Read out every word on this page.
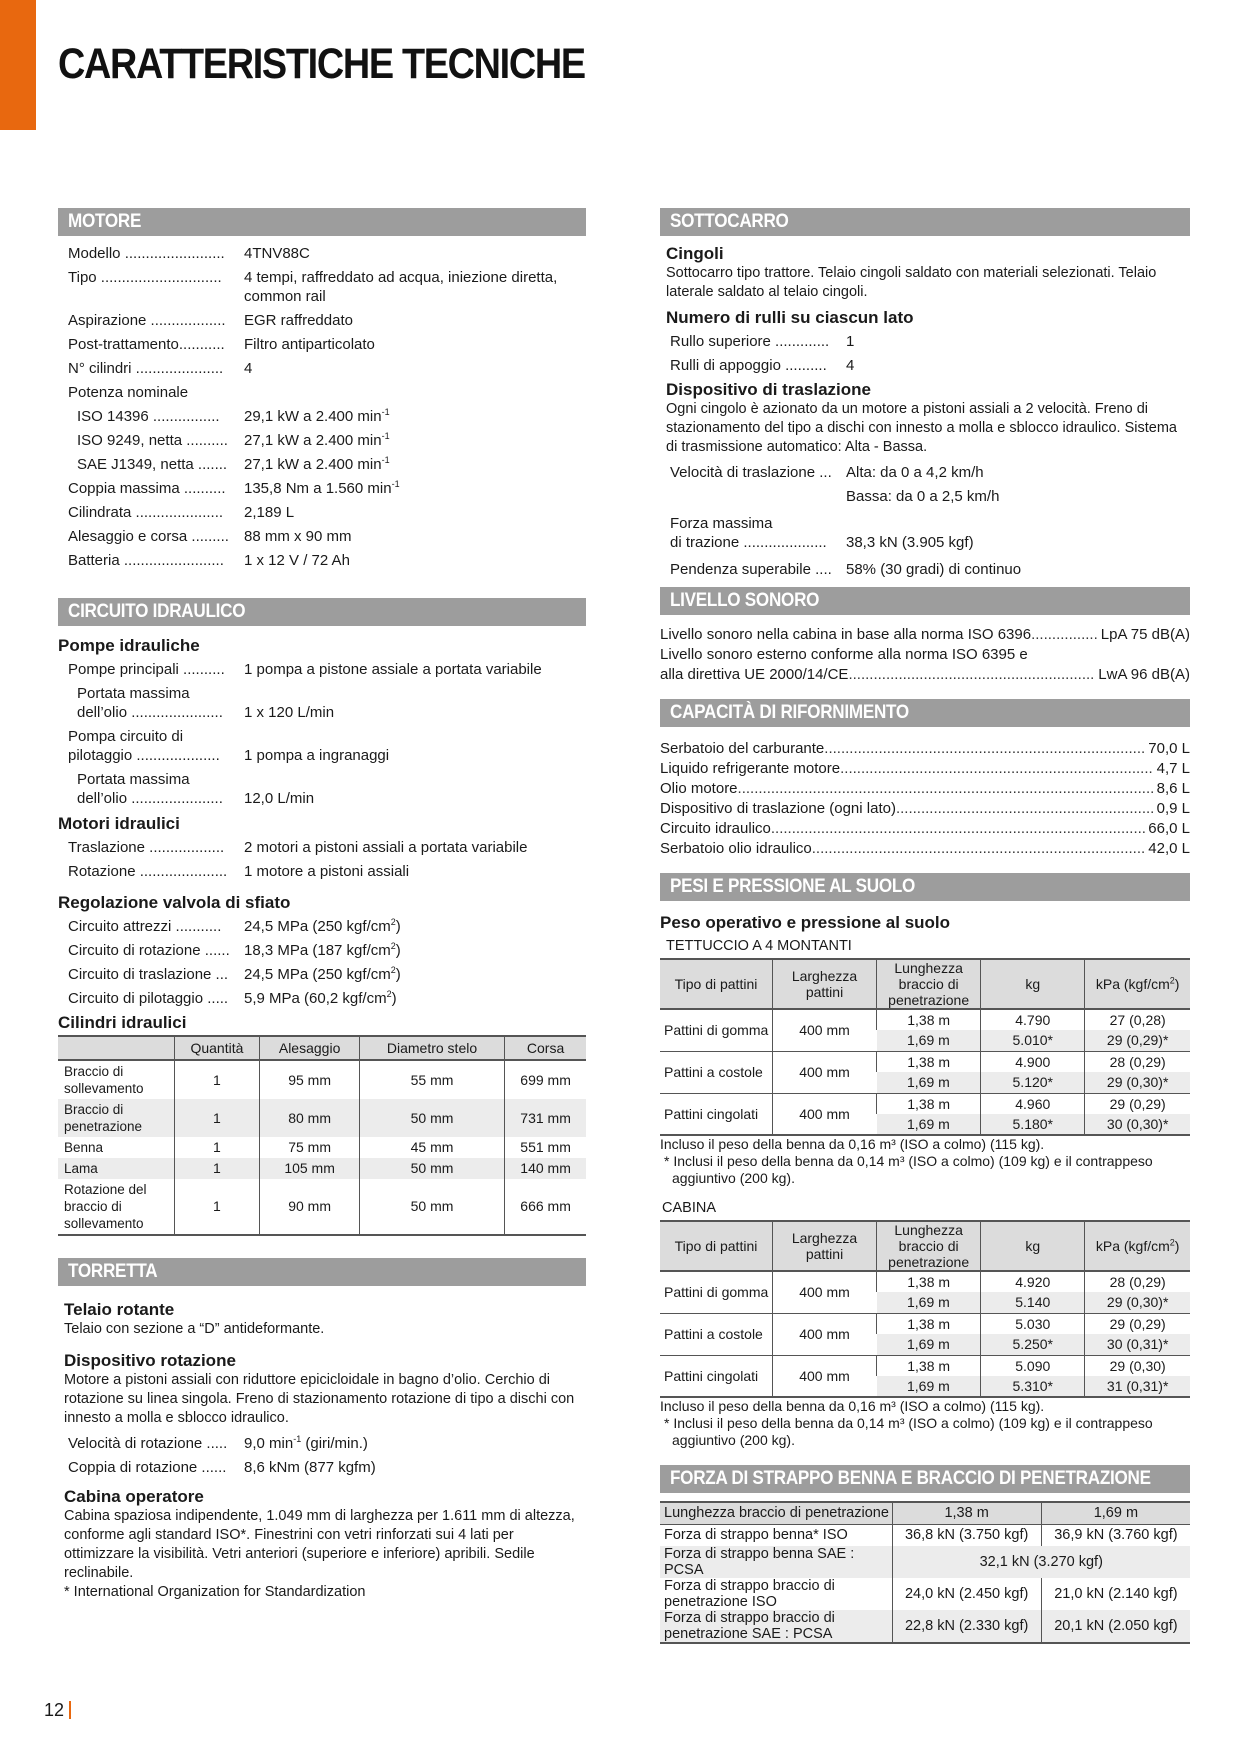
CARATTERISTICHE TECNICHE
MOTORE
Modello ........................	4TNV88C
Tipo .............................	4 tempi, raffreddato ad acqua, iniezione diretta, common rail
Aspirazione ..................	EGR raffreddato
Post-trattamento...........	Filtro antiparticolato
N° cilindri .....................	4
Potenza nominale
ISO 14396 ................	29,1 kW a 2.400 $\min^{-1}$
ISO 9249, netta ..........	27,1 kW a 2.400 $\min^{-1}$
SAE J1349, netta .......	27,1 kW a 2.400 $\min^{-1}$
Coppia massima ..........	135,8 Nm a 1.560 $\min^{-1}$
Cilindrata .....................	2,189 L
Alesaggio e corsa .........	88 mm x 90 mm
Batteria ........................	1 x 12 V / 72 Ah
CIRCUITO IDRAULICO
Pompe idrauliche
Pompe principali ..........	1 pompa a pistone assiale a portata variabile
Portata massima
dell’olio ......................	1 x 120 L/min
Pompa circuito di
pilotaggio ....................	1 pompa a ingranaggi
Portata massima
dell’olio ......................	12,0 L/min
Motori idraulici
Traslazione ..................	2 motori a pistoni assiali a portata variabile
Rotazione .....................	1 motore a pistoni assiali
Regolazione valvola di sfiato
Circuito attrezzi ...........	24,5 MPa (250 kgf/$cm^2$)
Circuito di rotazione ...... 18,3 MPa (187 kgf/$cm^2$)
Circuito di traslazione ...	24,5 MPa (250 kgf/$cm^2$)
Circuito di pilotaggio .....	5,9 MPa (60,2 kgf/$cm^2$)
Cilindri idraulici
	Quantità	Alesaggio	Diametro stelo	Corsa
Braccio di sollevamento	1	95 mm	55 mm	699 mm
Braccio di penetrazione	1	80 mm	50 mm	731 mm
Benna	1	75 mm	45 mm	551 mm
Lama	1	105 mm	50 mm	140 mm
Rotazione del braccio di sollevamento	1	90 mm	50 mm	666 mm
TORRETTA
Telaio rotante
Telaio con sezione a “D” antideformante.
Dispositivo rotazione
Motore a pistoni assiali con riduttore epicicloidale in bagno d’olio. Cerchio di rotazione su linea singola. Freno di stazionamento rotazione di tipo a dischi con innesto a molla e sblocco idraulico.
Velocità di rotazione .....	9,0 $\min^{-1}$ (giri/min.)
Coppia di rotazione ......	8,6 kNm (877 kgfm)
Cabina operatore
Cabina spaziosa indipendente, 1.049 mm di larghezza per 1.611 mm di altezza, conforme agli standard ISO*. Finestrini con vetri rinforzati sui 4 lati per ottimizzare la visibilità. Vetri anteriori (superiore e inferiore) apribili. Sedile reclinabile.
* International Organization for Standardization
SOTTOCARRO
Cingoli
Sottocarro tipo trattore. Telaio cingoli saldato con materiali selezionati. Telaio laterale saldato al telaio cingoli.
Numero di rulli su ciascun lato
Rullo superiore .............	1
Rulli di appoggio ..........	4
Dispositivo di traslazione
Ogni cingolo è azionato da un motore a pistoni assiali a 2 velocità. Freno di stazionamento del tipo a dischi con innesto a molla e sblocco idraulico. Sistema di trasmissione automatico: Alta - Bassa.
Velocità di traslazione ... Alta: da 0 a 4,2 km/h
Bassa: da 0 a 2,5 km/h
Forza massima
di trazione ....................	38,3 kN (3.905 kgf)
Pendenza superabile .... 58% (30 gradi) di continuo
LIVELLO SONORO
Livello sonoro nella cabina in base alla norma ISO 6396 .....	LpA 75 dB(A)
Livello sonoro esterno conforme alla norma ISO 6395 e
alla direttiva UE 2000/14/CE .....	LwA 96 dB(A)
CAPACITÀ DI RIFORNIMENTO
Serbatoio del carburante .....	70,0 L
Liquido refrigerante motore .....	4,7 L
Olio motore .....	8,6 L
Dispositivo di traslazione (ogni lato) .....	0,9 L
Circuito idraulico .....	66,0 L
Serbatoio olio idraulico .....	42,0 L
PESI E PRESSIONE AL SUOLO
Peso operativo e pressione al suolo
TETTUCCIO A 4 MONTANTI
Tipo di pattini	Larghezza pattini	Lunghezza braccio di penetrazione	kg	kPa $(kgf/cm^2)$
Pattini di gomma	400 mm	1,38 m	4.790	27 (0,28)
		1,69 m	5.010*	29 (0,29)*
Pattini a costole	400 mm	1,38 m	4.900	28 (0,29)
		1,69 m	5.120*	29 (0,30)*
Pattini cingolati	400 mm	1,38 m	4.960	29 (0,29)
		1,69 m	5.180*	30 (0,30)*
Incluso il peso della benna da 0,16 m³ (ISO a colmo) (115 kg).
* Inclusi il peso della benna da 0,14 m³ (ISO a colmo) (109 kg) e il contrappeso aggiuntivo (200 kg).
CABINA
Tipo di pattini	Larghezza pattini	Lunghezza braccio di penetrazione	kg	kPa $(kgf/cm^2)$
Pattini di gomma	400 mm	1,38 m	4.920	28 (0,29)
		1,69 m	5.140	29 (0,30)*
Pattini a costole	400 mm	1,38 m	5.030	29 (0,29)
		1,69 m	5.250*	30 (0,31)*
Pattini cingolati	400 mm	1,38 m	5.090	29 (0,30)
		1,69 m	5.310*	31 (0,31)*
Incluso il peso della benna da 0,16 m³ (ISO a colmo) (115 kg).
* Inclusi il peso della benna da 0,14 m³ (ISO a colmo) (109 kg) e il contrappeso aggiuntivo (200 kg).
FORZA DI STRAPPO BENNA E BRACCIO DI PENETRAZIONE
Lunghezza braccio di penetrazione	1,38 m	1,69 m
Forza di strappo benna* ISO	36,8 kN (3.750 kgf)	36,9 kN (3.760 kgf)
Forza di strappo benna SAE : PCSA	32,1 kN (3.270 kgf)	
Forza di strappo braccio di penetrazione ISO	24,0 kN (2.450 kgf)	21,0 kN (2.140 kgf)
Forza di strappo braccio di penetrazione SAE : PCSA	22,8 kN (2.330 kgf)	20,1 kN (2.050 kgf)
12
